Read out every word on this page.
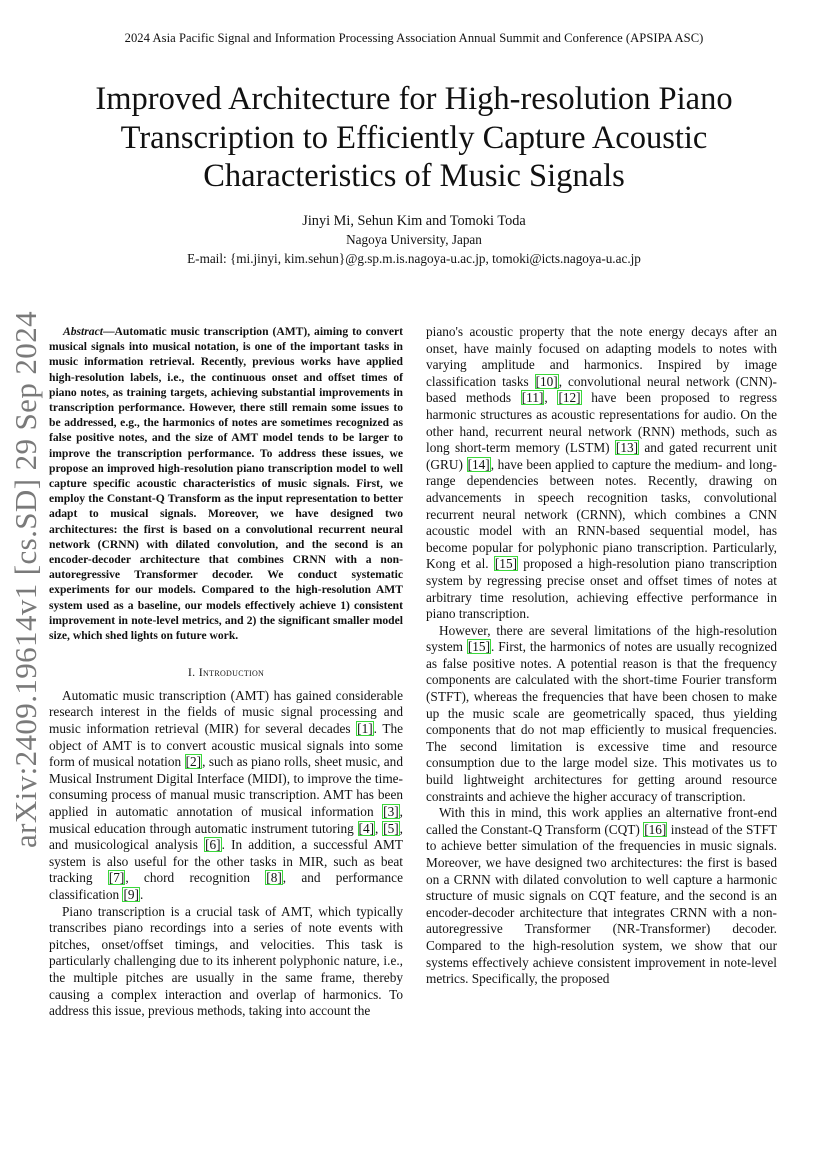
2024 Asia Pacific Signal and Information Processing Association Annual Summit and Conference (APSIPA ASC)
Improved Architecture for High-resolution Piano Transcription to Efficiently Capture Acoustic Characteristics of Music Signals
Jinyi Mi, Sehun Kim and Tomoki Toda
Nagoya University, Japan
E-mail: {mi.jinyi, kim.sehun}@g.sp.m.is.nagoya-u.ac.jp, tomoki@icts.nagoya-u.ac.jp
arXiv:2409.19614v1 [cs.SD] 29 Sep 2024	Abstract—Automatic music transcription (AMT), aiming to convert musical signals into musical notation, is one of the important tasks in music information retrieval. Recently, previous works have applied high-resolution labels, i.e., the continuous onset and offset times of piano notes, as training targets, achieving substantial improvements in transcription performance. However, there still remain some issues to be addressed, e.g., the harmonics of notes are sometimes recognized as false positive notes, and the size of AMT model tends to be larger to improve the transcription performance. To address these issues, we propose an improved high-resolution piano transcription model to well capture specific acoustic characteristics of music signals. First, we employ the Constant-Q Transform as the input representation to better adapt to musical signals. Moreover, we have designed two architectures: the first is based on a convolutional recurrent neural network (CRNN) with dilated convolution, and the second is an encoder-decoder architecture that combines CRNN with a non-autoregressive Transformer decoder. We conduct systematic experiments for our models. Compared to the high-resolution AMT system used as a baseline, our models effectively achieve 1) consistent improvement in note-level metrics, and 2) the significant smaller model size, which shed lights on future work.

I. Introduction

Automatic music transcription (AMT) has gained considerable research interest in the fields of music signal processing and music information retrieval (MIR) for several decades [1]. The object of AMT is to convert acoustic musical signals into some form of musical notation [2], such as piano rolls, sheet music, and Musical Instrument Digital Interface (MIDI), to improve the time-consuming process of manual music transcription. AMT has been applied in automatic annotation of musical information [3], musical education through automatic instrument tutoring [4], [5], and musicological analysis [6]. In addition, a successful AMT system is also useful for the other tasks in MIR, such as beat tracking [7], chord recognition [8], and performance classification [9].

Piano transcription is a crucial task of AMT, which typically transcribes piano recordings into a series of note events with pitches, onset/offset timings, and velocities. This task is particularly challenging due to its inherent polyphonic nature, i.e., the multiple pitches are usually in the same frame, thereby causing a complex interaction and overlap of harmonics. To address this issue, previous methods, taking into account the

piano's acoustic property that the note energy decays after an onset, have mainly focused on adapting models to notes with varying amplitude and harmonics. Inspired by image classification tasks [10], convolutional neural network (CNN)-based methods [11], [12] have been proposed to regress harmonic structures as acoustic representations for audio. On the other hand, recurrent neural network (RNN) methods, such as long short-term memory (LSTM) [13] and gated recurrent unit (GRU) [14], have been applied to capture the medium- and long-range dependencies between notes. Recently, drawing on advancements in speech recognition tasks, convolutional recurrent neural network (CRNN), which combines a CNN acoustic model with an RNN-based sequential model, has become popular for polyphonic piano transcription. Particularly, Kong et al. [15] proposed a high-resolution piano transcription system by regressing precise onset and offset times of notes at arbitrary time resolution, achieving effective performance in piano transcription.

However, there are several limitations of the high-resolution system [15]. First, the harmonics of notes are usually recognized as false positive notes. A potential reason is that the frequency components are calculated with the short-time Fourier transform (STFT), whereas the frequencies that have been chosen to make up the music scale are geometrically spaced, thus yielding components that do not map efficiently to musical frequencies. The second limitation is excessive time and resource consumption due to the large model size. This motivates us to build lightweight architectures for getting around resource constraints and achieve the higher accuracy of transcription.

With this in mind, this work applies an alternative front-end called the Constant-Q Transform (CQT) [16] instead of the STFT to achieve better simulation of the frequencies in music signals. Moreover, we have designed two architectures: the first is based on a CRNN with dilated convolution to well capture a harmonic structure of music signals on CQT feature, and the second is an encoder-decoder architecture that integrates CRNN with a non-autoregressive Transformer (NR-Transformer) decoder. Compared to the high-resolution system, we show that our systems effectively achieve consistent improvement in note-level metrics. Specifically, the proposed
